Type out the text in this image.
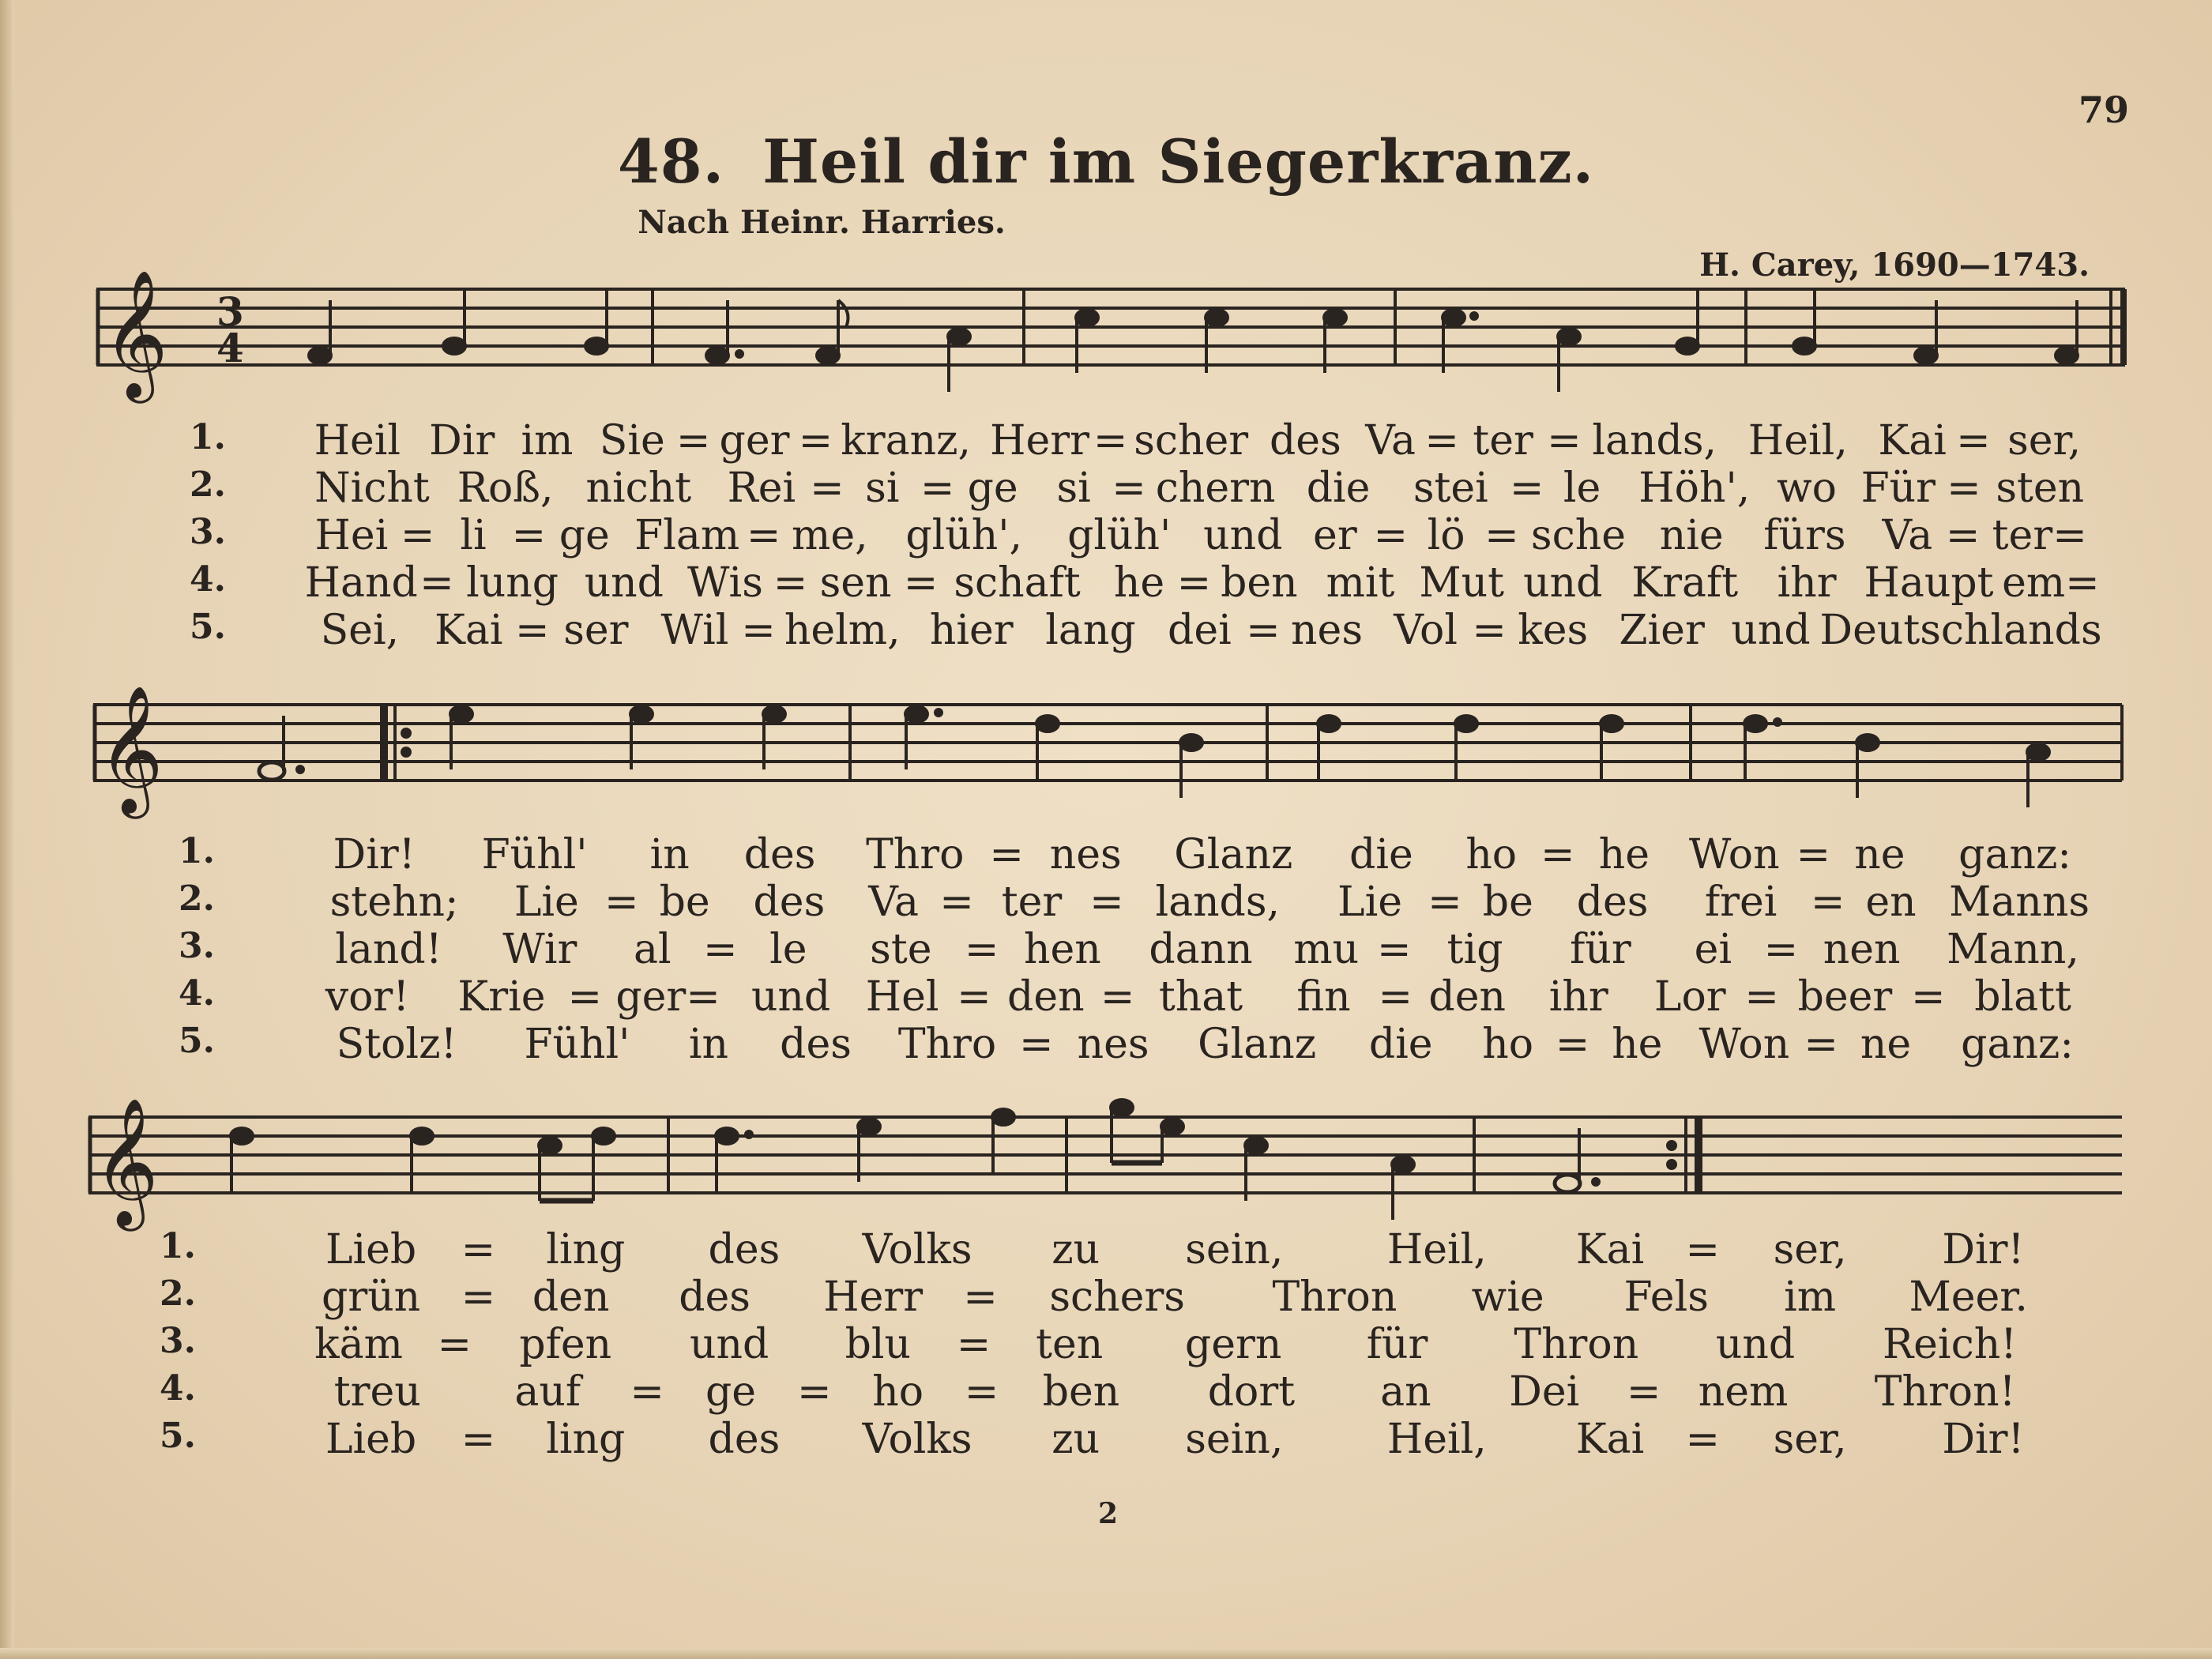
79
48. Heil dir im Siegerkranz.
Nach Heinr. Harries.
H. Carey, 1690—1743.
𝄞 3
4
𝄞
𝄞
1. Heil Dir im Sie = ger = kranz, Herr = scher des Va = ter = lands, Heil, Kai = ser,
2. Nicht Roß, nicht Rei = si = ge si = chern die stei = le Höh', wo Für = sten
3. Hei = li = ge Flam = me, glüh', glüh' und er = lö = sche nie fürs Va = ter=
4. Hand = lung und Wis = sen = schaft he = ben mit Mut und Kraft ihr Haupt em=
5. Sei, Kai = ser Wil = helm, hier lang dei = nes Vol = kes Zier und Deutschlands
1.	Dir! Fühl' in des Thro = nes Glanz die ho = he Won = ne ganz:
2.	stehn; Lie = be des Va = ter = lands, Lie = be des frei = en Manns
3.	land! Wir al = le ste = hen dann mu = tig für ei = nen Mann,
4.	vor! Krie = ger= und Hel = den = that fin = den ihr Lor = beer = blatt
5.	Stolz! Fühl' in des Thro = nes Glanz die ho = he Won = ne ganz:
1.	Lieb = ling des Volks zu sein,	Heil, Kai = ser, Dir!
2.	grün = den des Herr = schers Thron wie Fels im Meer.
3.	käm = pfen und blu = ten gern für Thron und Reich!
4.	treu auf = ge = ho = ben dort an Dei = nem Thron!
5.	Lieb = ling des Volks zu sein,	Heil, Kai = ser, Dir!
2
